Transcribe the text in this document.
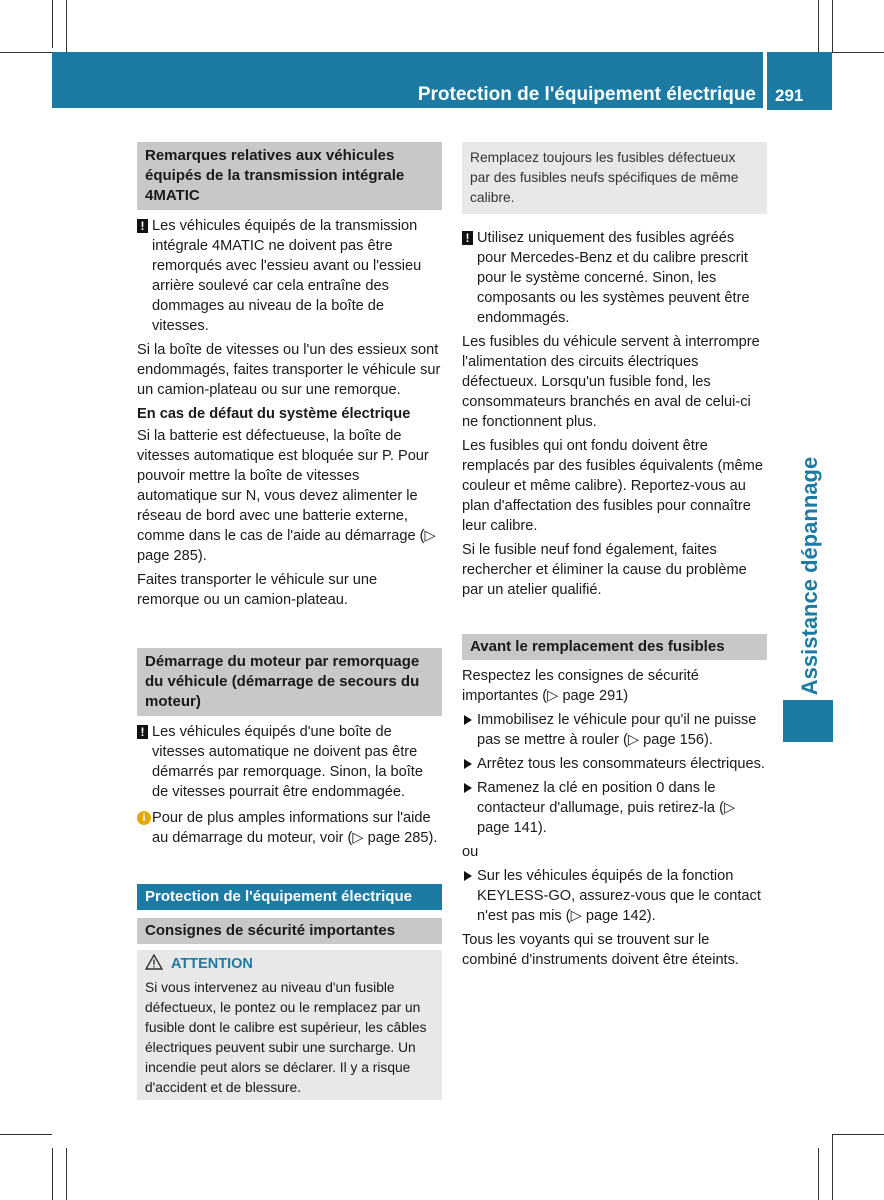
Protection de l'équipement électrique 291
Assistance dépannage
Remarques relatives aux véhicules équipés de la transmission intégrale 4MATIC
! Les véhicules équipés de la transmission intégrale 4MATIC ne doivent pas être remorqués avec l'essieu avant ou l'essieu arrière soulevé car cela entraîne des dommages au niveau de la boîte de vitesses.

Si la boîte de vitesses ou l'un des essieux sont endommagés, faites transporter le véhicule sur un camion-plateau ou sur une remorque.

En cas de défaut du système électrique

Si la batterie est défectueuse, la boîte de vitesses automatique est bloquée sur P. Pour pouvoir mettre la boîte de vitesses automatique sur N, vous devez alimenter le réseau de bord avec une batterie externe, comme dans le cas de l'aide au démarrage (▷ page 285).

Faites transporter le véhicule sur une remorque ou un camion-plateau.

Démarrage du moteur par remorquage du véhicule (démarrage de secours du moteur)
! Les véhicules équipés d'une boîte de vitesses automatique ne doivent pas être démarrés par remorquage. Sinon, la boîte de vitesses pourrait être endommagée.
i Pour de plus amples informations sur l'aide au démarrage du moteur, voir (▷ page 285).
Protection de l'équipement électrique
Consignes de sécurité importantes
ATTENTION
Si vous intervenez au niveau d'un fusible défectueux, le pontez ou le remplacez par un fusible dont le calibre est supérieur, les câbles électriques peuvent subir une surcharge. Un incendie peut alors se déclarer. Il y a risque d'accident et de blessure.
Remplacez toujours les fusibles défectueux par des fusibles neufs spécifiques de même calibre.
! Utilisez uniquement des fusibles agréés pour Mercedes-Benz et du calibre prescrit pour le système concerné. Sinon, les composants ou les systèmes peuvent être endommagés.

Les fusibles du véhicule servent à interrompre l'alimentation des circuits électriques défectueux. Lorsqu'un fusible fond, les consommateurs branchés en aval de celui-ci ne fonctionnent plus.

Les fusibles qui ont fondu doivent être remplacés par des fusibles équivalents (même couleur et même calibre). Reportez-vous au plan d'affectation des fusibles pour connaître leur calibre.

Si le fusible neuf fond également, faites rechercher et éliminer la cause du problème par un atelier qualifié.

Avant le remplacement des fusibles

Respectez les consignes de sécurité importantes (▷ page 291)

Immobilisez le véhicule pour qu'il ne puisse pas se mettre à rouler (▷ page 156).
Arrêtez tous les consommateurs électriques.
Ramenez la clé en position 0 dans le contacteur d'allumage, puis retirez-la (▷ page 141).

ou

Sur les véhicules équipés de la fonction KEYLESS-GO, assurez-vous que le contact n'est pas mis (▷ page 142).

Tous les voyants qui se trouvent sur le combiné d'instruments doivent être éteints.
